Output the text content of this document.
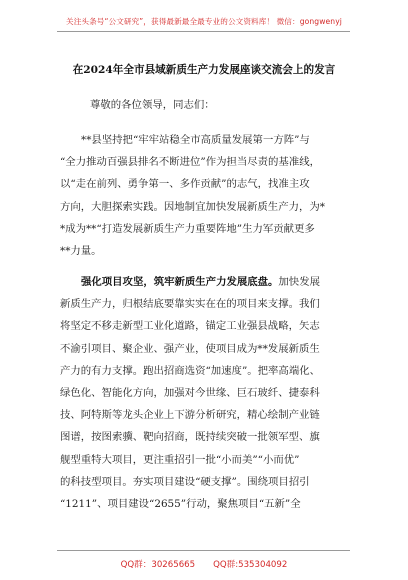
关注头条号“公文研究”，获得最新最全最专业的公文资料库！ 微信：gongwenyj
在2024年全市县域新质生产力发展座谈交流会上的发言
尊敬的各位领导，同志们：

**县坚持把“牢牢站稳全市高质量发展第一方阵”与
“全力推动百强县排名不断进位”作为担当尽责的基准线，
以“走在前列、勇争第一、多作贡献”的志气，找准主攻
方向，大胆探索实践。因地制宜加快发展新质生产力，为*
*成为**“打造发展新质生产力重要阵地”生力军贡献更多
**力量。

强化项目攻坚，筑牢新质生产力发展底盘。加快发展
新质生产力，归根结底要靠实实在在的项目来支撑。我们
将坚定不移走新型工业化道路，锚定工业强县战略，矢志
不渝引项目、聚企业、强产业，使项目成为**发展新质生
产力的有力支撑。跑出招商选资“加速度”。把率高端化、
绿色化、智能化方向，加强对今世缘、巨石玻纤、捷泰科
技、阿特斯等龙头企业上下游分析研究，精心绘制产业链
图谱，按图索骥、靶向招商，既持续突破一批领军型、旗
舰型重特大项目，更注重招引一批“小而美”“小而优”
的科技型项目。夯实项目建设“硬支撑”。围绕项目招引
“1211”、项目建设“2655”行动，聚焦项目“五新”全

QQ群：30265665 QQ群:535304092
